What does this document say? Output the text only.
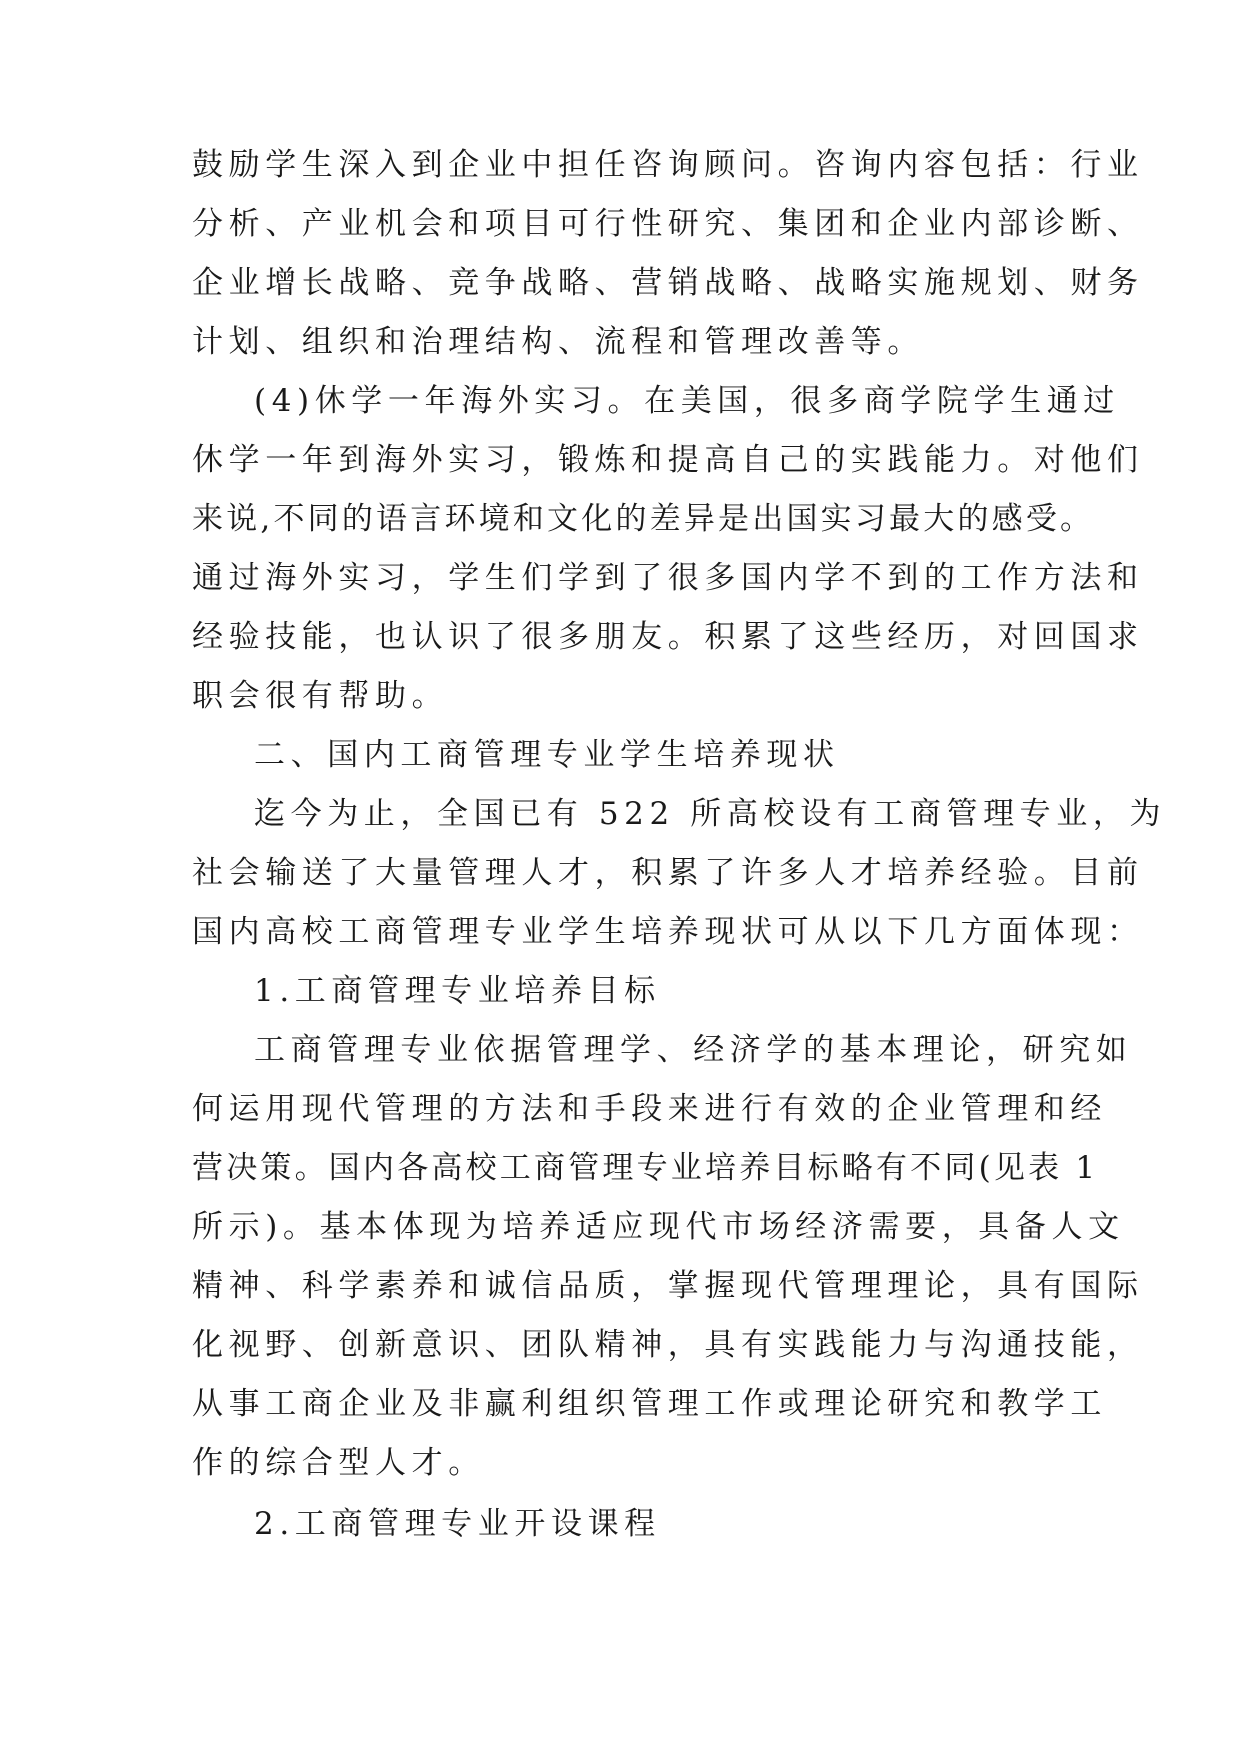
鼓励学生深入到企业中担任咨询顾问。咨询内容包括：行业
分析、产业机会和项目可行性研究、集团和企业内部诊断、
企业增长战略、竞争战略、营销战略、战略实施规划、财务
计划、组织和治理结构、流程和管理改善等。
(4)休学一年海外实习。在美国，很多商学院学生通过
休学一年到海外实习，锻炼和提高自己的实践能力。对他们
来说,不同的语言环境和文化的差异是出国实习最大的感受。
通过海外实习，学生们学到了很多国内学不到的工作方法和
经验技能，也认识了很多朋友。积累了这些经历，对回国求
职会很有帮助。
二、国内工商管理专业学生培养现状
迄今为止，全国已有 522 所高校设有工商管理专业，为
社会输送了大量管理人才，积累了许多人才培养经验。目前
国内高校工商管理专业学生培养现状可从以下几方面体现：
1.工商管理专业培养目标
工商管理专业依据管理学、经济学的基本理论，研究如
何运用现代管理的方法和手段来进行有效的企业管理和经
营决策。国内各高校工商管理专业培养目标略有不同(见表 1
所示)。基本体现为培养适应现代市场经济需要，具备人文
精神、科学素养和诚信品质，掌握现代管理理论，具有国际
化视野、创新意识、团队精神，具有实践能力与沟通技能，
从事工商企业及非赢利组织管理工作或理论研究和教学工
作的综合型人才。
2.工商管理专业开设课程
